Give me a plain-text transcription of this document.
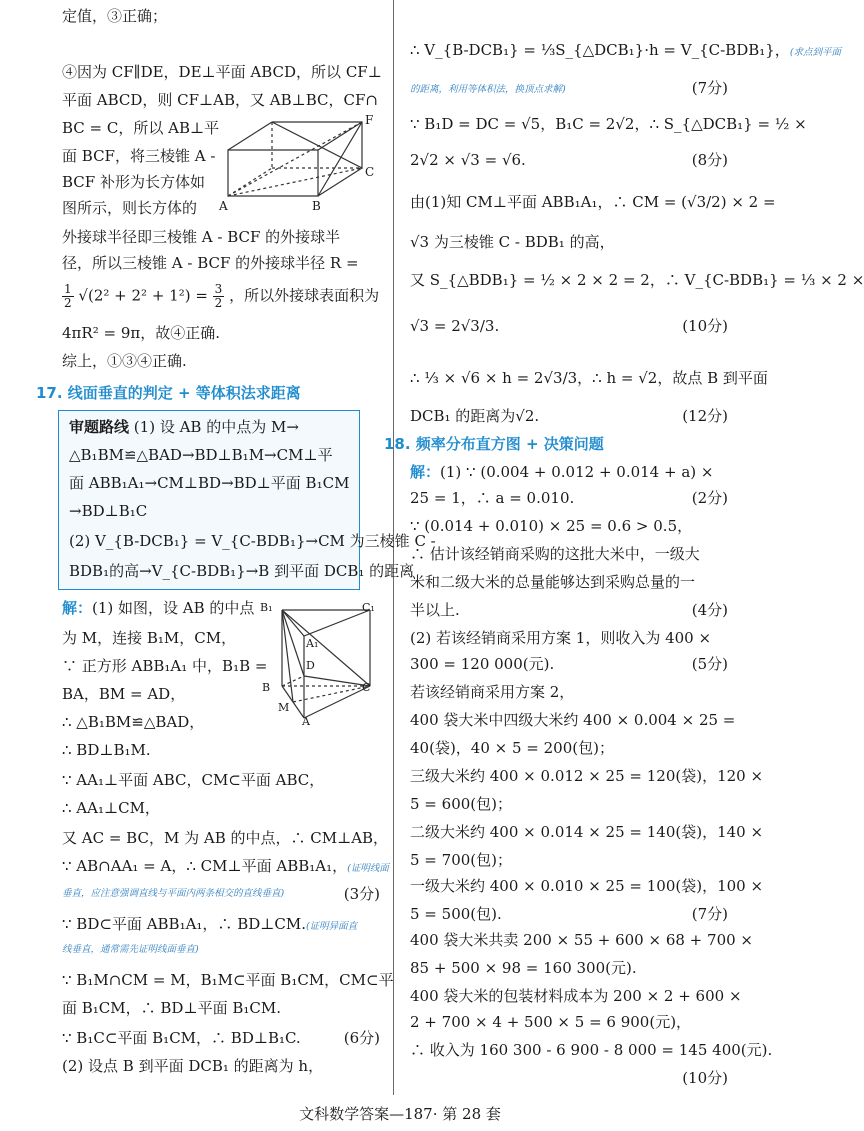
定值，③正确；
④因为 CF∥DE，DE⊥平面 ABCD，所以 CF⊥
平面 ABCD，则 CF⊥AB，又 AB⊥BC，CF∩
BC = C，所以 AB⊥平
面 BCF，将三棱锥 A -
BCF 补形为长方体如
图所示，则长方体的
外接球半径即三棱锥 A - BCF 的外接球半
径，所以三棱锥 A - BCF 的外接球半径 R =
$\frac{1}{2} √(2^2 + 2^2 + 1^2) = \frac{3}{2}$ ，所以外接球表面积为
4πR² = 9π，故④正确.
综上，①③④正确.
F
C
A	B
17. 线面垂直的判定 + 等体积法求距离
审题路线 (1) 设 AB 的中点为 M→
△B₁BM≌△BAD→BD⊥B₁M→CM⊥平
面 ABB₁A₁→CM⊥BD→BD⊥平面 B₁CM
→BD⊥B₁C
(2) V_{B-DCB₁} = V_{C-BDB₁}→CM 为三棱锥 C -
BDB₁的高→V_{C-BDB₁}→B 到平面 DCB₁ 的距离
解：(1) 如图，设 AB 的中点
为 M，连接 B₁M，CM，
∵ 正方形 ABB₁A₁ 中，B₁B =
BA，BM = AD，
∴ △B₁BM≌△BAD，
∴ BD⊥B₁M.
∵ AA₁⊥平面 ABC，CM⊂平面 ABC，
∴ AA₁⊥CM，
又 AC = BC，M 为 AB 的中点，∴ CM⊥AB，
∵ AB∩AA₁ = A，∴ CM⊥平面 ABB₁A₁，(证明线面
垂直，应注意强调直线与平面内两条相交的直线垂直)	(3分)
∵ BD⊂平面 ABB₁A₁，∴ BD⊥CM.(证明异面直
线垂直，通常需先证明线面垂直)
∵ B₁M∩CM = M，B₁M⊂平面 B₁CM，CM⊂平
面 B₁CM，∴ BD⊥平面 B₁CM.
∵ B₁C⊂平面 B₁CM，∴ BD⊥B₁C.	(6分)
(2) 设点 B 到平面 DCB₁ 的距离为 h，
B₁	C₁
A₁
D
B	C
M
A
∴ V_{B-DCB₁} = ⅓S_{△DCB₁}·h = V_{C-BDB₁}，(求点到平面
的距离，利用等体积法，换顶点求解)	(7分)
∵ B₁D = DC = √5，B₁C = 2√2，∴ S_{△DCB₁} = ½ ×
2√2 × √3 = √6.	(8分)
由(1)知 CM⊥平面 ABB₁A₁，∴ CM = (√3/2) × 2 =
√3 为三棱锥 C - BDB₁ 的高，
又 S_{△BDB₁} = ½ × 2 × 2 = 2，∴ V_{C-BDB₁} = ⅓ × 2 ×
√3 = 2√3/3.	(10分)
∴ ⅓ × √6 × h = 2√3/3，∴ h = √2，故点 B 到平面
DCB₁ 的距离为√2.	(12分)
18. 频率分布直方图 + 决策问题
解：(1) ∵ (0.004 + 0.012 + 0.014 + a) ×
25 = 1，∴ a = 0.010.	(2分)
∵ (0.014 + 0.010) × 25 = 0.6 > 0.5，
∴ 估计该经销商采购的这批大米中，一级大
米和二级大米的总量能够达到采购总量的一
半以上.	(4分)
(2) 若该经销商采用方案 1，则收入为 400 ×
300 = 120 000(元).	(5分)
若该经销商采用方案 2，
400 袋大米中四级大米约 400 × 0.004 × 25 =
40(袋)，40 × 5 = 200(包)；
三级大米约 400 × 0.012 × 25 = 120(袋)，120 ×
5 = 600(包)；
二级大米约 400 × 0.014 × 25 = 140(袋)，140 ×
5 = 700(包)；
一级大米约 400 × 0.010 × 25 = 100(袋)，100 ×
5 = 500(包).	(7分)
400 袋大米共卖 200 × 55 + 600 × 68 + 700 ×
85 + 500 × 98 = 160 300(元).
400 袋大米的包装材料成本为 200 × 2 + 600 ×
2 + 700 × 4 + 500 × 5 = 6 900(元)，
∴ 收入为 160 300 - 6 900 - 8 000 = 145 400(元).
(10分)
文科数学答案—187· 第 28 套
